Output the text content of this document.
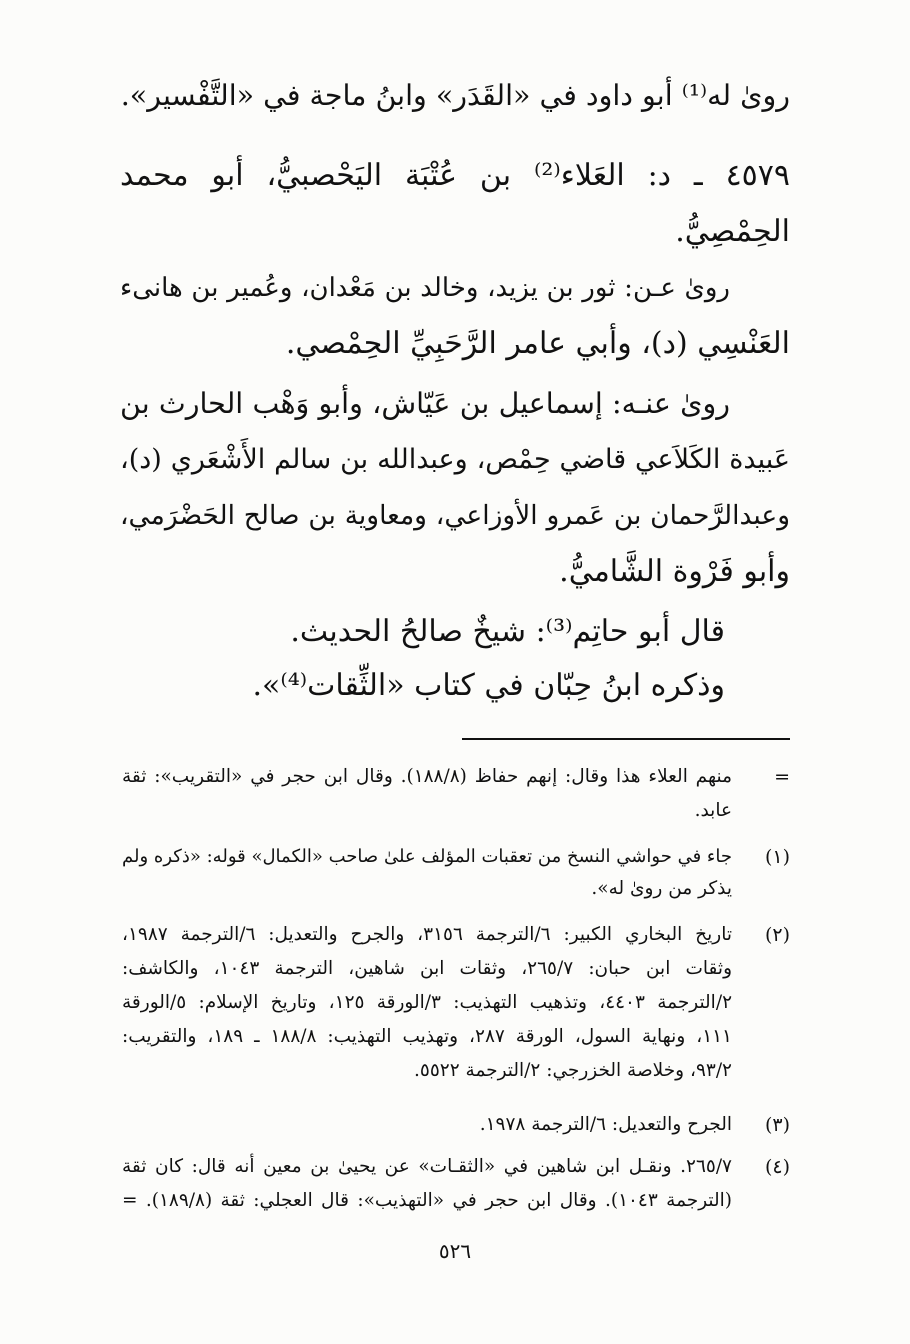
رویٰ له⁽¹⁾ أبو داود في «القَدَر» وابنُ ماجة في «التَّفْسير».
٤٥٧٩ ـ د: العَلاء⁽²⁾ بن عُتْبَة اليَحْصبيُّ، أبو محمد
الحِمْصِيُّ.
روىٰ عـن: ثور بن يزيد، وخالد بن مَعْدان، وعُمير بن هانىء
العَنْسِي (د)، وأبي عامر الرَّحَبِيِّ الحِمْصي.
روىٰ عنـه: إسماعيل بن عَيّاش، وأبو وَهْب الحارث بن
عَبيدة الكَلاَعي قاضي حِمْص، وعبدالله بن سالم الأَشْعَري (د)،
وعبدالرَّحمان بن عَمرو الأوزاعي، ومعاوية بن صالح الحَضْرَمي،
وأبو فَرْوة الشَّاميُّ.
قال أبو حاتِم⁽³⁾: شيخٌ صالحُ الحديث.
وذكره ابنُ حِبّان في كتاب «الثِّقات⁽⁴⁾».
=
منهم العلاء هذا وقال: إنهم حفاظ (١٨٨/٨). وقال ابن حجر في «التقريب»: ثقة
عابد.
(١)
جاء في حواشي النسخ من تعقبات المؤلف علىٰ صاحب «الكمال» قوله: «ذكره ولم
يذكر من روىٰ له».
(٢)
تاريخ البخاري الكبير: ٦/الترجمة ٣١٥٦، والجرح والتعديل: ٦/الترجمة ١٩٨٧،
وثقات ابن حبان: ٢٦٥/٧، وثقات ابن شاهين، الترجمة ١٠٤٣، والكاشف:
٢/الترجمة ٤٤٠٣، وتذهيب التهذيب: ٣/الورقة ١٢٥، وتاريخ الإسلام: ٥/الورقة
١١١، ونهاية السول، الورقة ٢٨٧، وتهذيب التهذيب: ١٨٨/٨ ـ ١٨٩، والتقريب:
٩٣/٢، وخلاصة الخزرجي: ٢/الترجمة ٥٥٢٢.
(٣)
الجرح والتعديل: ٦/الترجمة ١٩٧٨.
(٤)
٢٦٥/٧. ونقـل ابن شاهين في «الثقـات» عن يحيىٰ بن معين أنه قال: كان ثقة
(الترجمة ١٠٤٣). وقال ابن حجر في «التهذيب»: قال العجلي: ثقة (١٨٩/٨). =
٥٢٦
